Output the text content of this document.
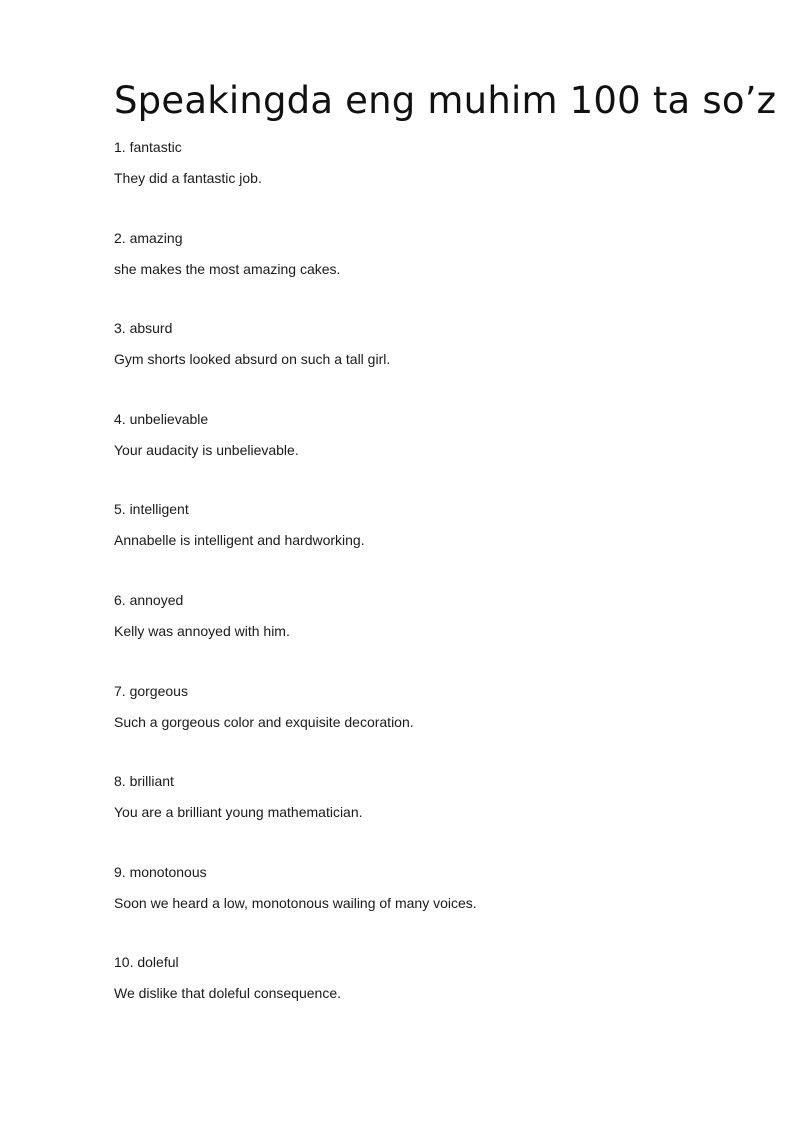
Speakingda eng muhim 100 ta so’z
1. fantastic
They did a fantastic job.
2. amazing
she makes the most amazing cakes.
3. absurd
Gym shorts looked absurd on such a tall girl.
4. unbelievable
Your audacity is unbelievable.
5. intelligent
Annabelle is intelligent and hardworking.
6. annoyed
Kelly was annoyed with him.
7. gorgeous
Such a gorgeous color and exquisite decoration.
8. brilliant
You are a brilliant young mathematician.
9. monotonous
Soon we heard a low, monotonous wailing of many voices.
10. doleful
We dislike that doleful consequence.
